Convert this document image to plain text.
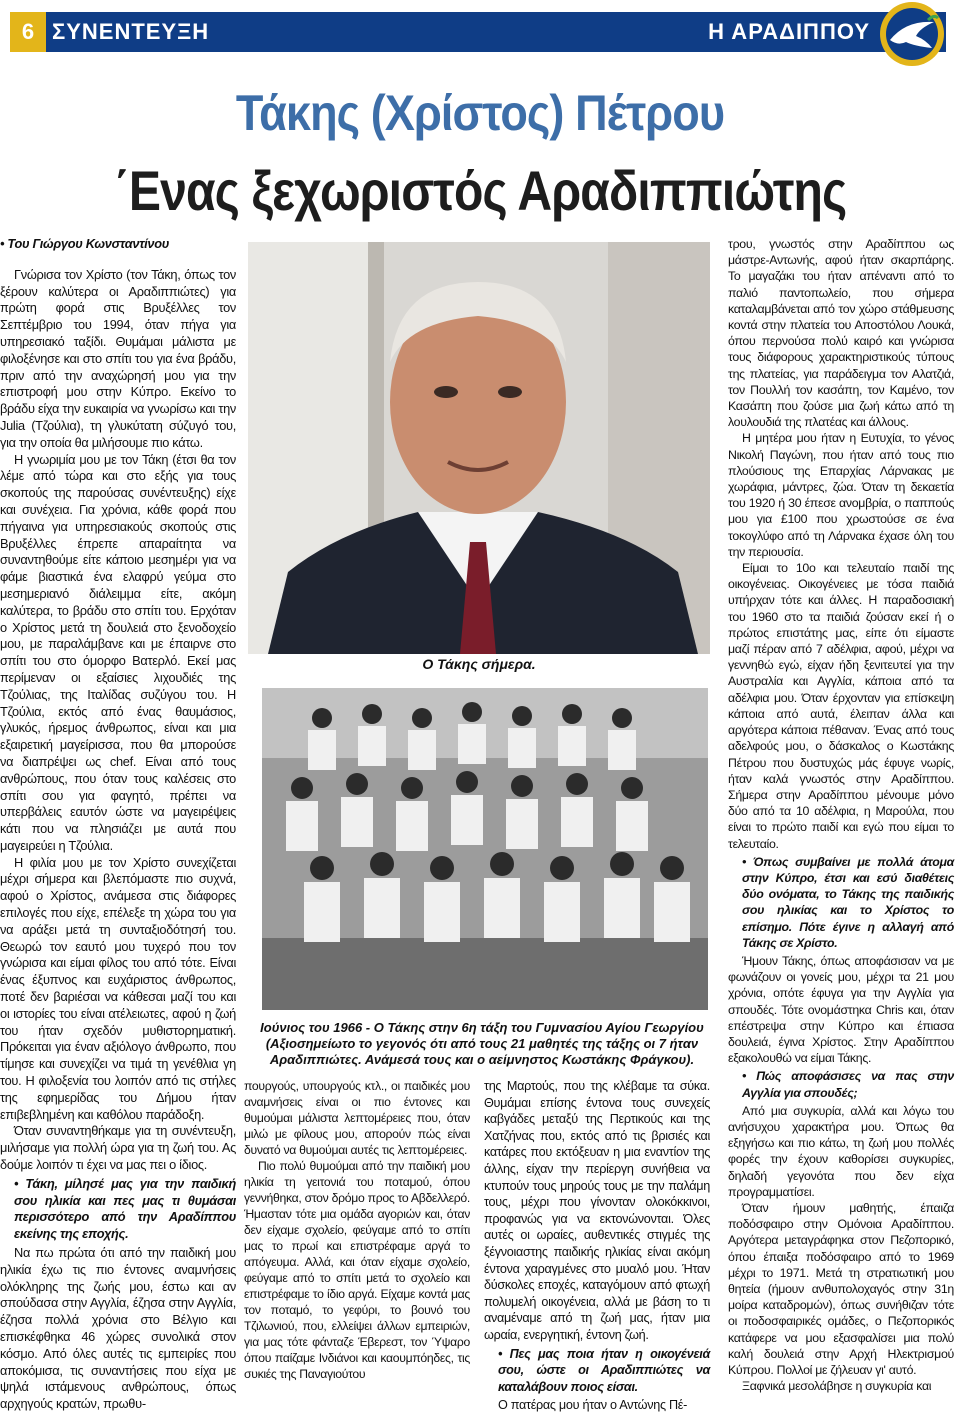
6 ΣΥΝΕΝΤΕΥΞΗ	Η ΑΡΑΔΙΠΠΟΥ
Τάκης (Χρίστος) Πέτρου
΄Ενας ξεχωριστός Αραδιππιώτης

• Του Γιώργου Κωνσταντίνου

Γνώρισα τον Χρίστο (τον Τάκη, όπως τον ξέρουν καλύτερα οι Αραδιππιώτες) για πρώτη φορά στις Βρυξέλλες τον Σεπτέμβριο του 1994, όταν πήγα για υπηρεσιακό ταξίδι. Θυμάμαι μάλιστα με φιλοξένησε και στο σπίτι του για ένα βράδυ, πριν από την αναχώρησή μου για την επιστροφή μου στην Κύπρο. Εκείνο το βράδυ είχα την ευκαιρία να γνωρίσω και την Julia (Τζούλια), τη γλυκύτατη σύζυγό του, για την οποία θα μιλήσουμε πιο κάτω.

Η γνωριμία μου με τον Τάκη (έτσι θα τον λέμε από τώρα και στο εξής για τους σκοπούς της παρούσας συνέντευξης) είχε και συνέχεια. Για χρόνια, κάθε φορά που πήγαινα για υπηρεσιακούς σκοπούς στις Βρυξέλλες έπρεπε απαραίτητα να συναντηθούμε είτε κάποιο μεσημέρι για να φάμε βιαστικά ένα ελαφρύ γεύμα στο μεσημεριανό διάλειμμα είτε, ακόμη καλύτερα, το βράδυ στο σπίτι του. Ερχόταν ο Χρίστος μετά τη δουλειά στο ξενοδοχείο μου, με παραλάμβανε και με έπαιρνε στο σπίτι του στο όμορφο Βατερλό. Εκεί μας περίμεναν οι εξαίσιες λιχουδιές της Τζούλιας, της Ιταλίδας συζύγου του. Η Τζούλια, εκτός από ένας θαυμάσιος, γλυκός, ήρεμος άνθρωπος, είναι και μια εξαιρετική μαγείρισσα, που θα μπορούσε να διαπρέψει ως chef. Είναι από τους ανθρώπους, που όταν τους καλέσεις στο σπίτι σου για φαγητό, πρέπει να υπερβάλεις εαυτόν ώστε να μαγειρέψεις κάτι που να πλησιάζει με αυτά που μαγειρεύει η Τζούλια.

Η φιλία μου με τον Χρίστο συνεχίζεται μέχρι σήμερα και βλεπόμαστε πιο συχνά, αφού ο Χρίστος, ανάμεσα στις διάφορες επιλογές που είχε, επέλεξε τη χώρα του για να αράξει μετά τη συνταξιοδότησή του. Θεωρώ τον εαυτό μου τυχερό που τον γνώρισα και είμαι φίλος του από τότε. Είναι ένας έξυπνος και ευχάριστος άνθρωπος, ποτέ δεν βαριέσαι να κάθεσαι μαζί του και οι ιστορίες του είναι ατέλειωτες, αφού η ζωή του ήταν σχεδόν μυθιστορηματική. Πρόκειται για έναν αξιόλογο άνθρωπο, που τίμησε και συνεχίζει να τιμά τη γενέθλια γη του. Η φιλοξενία του λοιπόν από τις στήλες της εφημερίδας του Δήμου ήταν επιβεβλημένη και καθόλου παράδοξη.

Όταν συναντηθήκαμε για τη συνέντευξη, μιλήσαμε για πολλή ώρα για τη ζωή του. Ας δούμε λοιπόν τι έχει να μας πει ο ίδιος.

• Τάκη, μίλησέ μας για την παιδική σου ηλικία και πες μας τι θυμάσαι περισσότερο από την Αραδίππου εκείνης της εποχής.

Να πω πρώτα ότι από την παιδική μου ηλικία έχω τις πιο έντονες αναμνήσεις ολόκληρης της ζωής μου, έστω και αν σπούδασα στην Αγγλία, έζησα στην Αγγλία, έζησα πολλά χρόνια στο Βέλγιο και επισκέφθηκα 46 χώρες συνολικά στον κόσμο. Από όλες αυτές τις εμπειρίες που αποκόμισα, τις συναντήσεις που είχα με ψηλά ιστάμενους ανθρώπους, όπως αρχηγούς κρατών, πρωθυ-

Ο Τάκης σήμερα.
Ιούνιος του 1966 - Ο Τάκης στην 6η τάξη του Γυμνασίου Αγίου Γεωργίου (Αξιοσημείωτο το γεγονός ότι από τους 21 μαθητές της τάξης οι 7 ήταν Αραδιππιώτες. Ανάμεσά τους και ο αείμνηστος Κωστάκης Φράγκου).

πουργούς, υπουργούς κτλ., οι παιδικές μου αναμνήσεις είναι οι πιο έντονες και θυμούμαι μάλιστα λεπτομέρειες που, όταν μιλώ με φίλους μου, απορούν πώς είναι δυνατό να θυμούμαι αυτές τις λεπτομέρειες.

Πιο πολύ θυμούμαι από την παιδική μου ηλικία τη γειτονιά του ποταμού, όπου γεννήθηκα, στον δρόμο προς το Αβδελλερό. Ήμασταν τότε μια ομάδα αγοριών και, όταν δεν είχαμε σχολείο, φεύγαμε από το σπίτι μας το πρωί και επιστρέφαμε αργά το απόγευμα. Αλλά, και όταν είχαμε σχολείο, φεύγαμε από το σπίτι μετά το σχολείο και επιστρέφαμε το ίδιο αργά. Είχαμε κοντά μας τον ποταμό, το γεφύρι, το βουνό του Τζιλωνιού, που, ελλείψει άλλων εμπειριών, για μας τότε φάνταζε Έβερεστ, τον Ύψαρο όπου παίζαμε Ινδιάνοι και καουμπόηδες, τις συκιές της Παναγιούτου

της Μαρτούς, που της κλέβαμε τα σύκα. Θυμάμαι επίσης έντονα τους συνεχείς καβγάδες μεταξύ της Περτικούς και της Χατζήνας που, εκτός από τις βρισιές και κατάρες που εκτόξευαν η μια εναντίον της άλλης, είχαν την περίεργη συνήθεια να κτυπούν τους μηρούς τους με την παλάμη τους, μέχρι που γίνονταν ολοκόκκινοι, προφανώς για να εκτονώνονται. Όλες αυτές οι ωραίες, αυθεντικές στιγμές της ξέγνοιαστης παιδικής ηλικίας είναι ακόμη έντονα χαραγμένες στο μυαλό μου. Ήταν δύσκολες εποχές, καταγόμουν από φτωχή πολυμελή οικογένεια, αλλά με βάση το τι αναμέναμε από τη ζωή μας, ήταν μια ωραία, ενεργητική, έντονη ζωή.

• Πες μας ποια ήταν η οικογένειά σου, ώστε οι Αραδιππιώτες να καταλάβουν ποιος είσαι.

Ο πατέρας μου ήταν ο Αντώνης Πέ-

τρου, γνωστός στην Αραδίππου ως μάστρε-Αντωνής, αφού ήταν σκαρπάρης. Το μαγαζάκι του ήταν απέναντι από το παλιό παντοπωλείο, που σήμερα καταλαμβάνεται από τον χώρο στάθμευσης κοντά στην πλατεία του Αποστόλου Λουκά, όπου περνούσα πολύ καιρό και γνώρισα τους διάφορους χαρακτηριστικούς τύπους της πλατείας, για παράδειγμα τον Αλατζιά, τον Πουλλή τον κασάπη, τον Καμένο, τον Κασάπη που ζούσε μια ζωή κάτω από τη λουλουδιά της πλατέας και άλλους.

Η μητέρα μου ήταν η Ευτυχία, το γένος Νικολή Παγώνη, που ήταν από τους πιο πλούσιους της Επαρχίας Λάρνακας με χωράφια, μάντρες, ζώα. Όταν τη δεκαετία του 1920 ή 30 έπεσε ανομβρία, ο παππούς μου για £100 που χρωστούσε σε ένα τοκογλύφο από τη Λάρνακα έχασε όλη του την περιουσία.

Είμαι το 10ο και τελευταίο παιδί της οικογένειας. Οικογένειες με τόσα παιδιά υπήρχαν τότε και άλλες. Η παραδοσιακή του 1960 στο τα παιδιά ζούσαν εκεί ή ο πρώτος επιστάτης μας, είπε ότι είμαστε μαζί πέραν από 7 αδέλφια, αφού, μέχρι να γεννηθώ εγώ, είχαν ήδη ξενιτευτεί για την Αυστραλία και Αγγλία, κάποια από τα αδέλφια μου. Όταν έρχονταν για επίσκεψη κάποια από αυτά, έλειπαν άλλα και αργότερα κάποια πέθαναν. Ένας από τους αδελφούς μου, ο δάσκαλος ο Κωστάκης Πέτρου που δυστυχώς μάς έφυγε νωρίς, ήταν καλά γνωστός στην Αραδίππου. Σήμερα στην Αραδίππου μένουμε μόνο δύο από τα 10 αδέλφια, η Μαρούλα, που είναι το πρώτο παιδί και εγώ που είμαι το τελευταίο.

• Όπως συμβαίνει με πολλά άτομα στην Κύπρο, έτσι και εσύ διαθέτεις δύο ονόματα, το Τάκης της παιδικής σου ηλικίας και το Χρίστος το επίσημο. Πότε έγινε η αλλαγή από Τάκης σε Χρίστο.

Ήμουν Τάκης, όπως αποφάσισαν να με φωνάζουν οι γονείς μου, μέχρι τα 21 μου χρόνια, οπότε έφυγα για την Αγγλία για σπουδές. Τότε ονομάστηκα Chris και, όταν επέστρεψα στην Κύπρο και έπιασα δουλειά, έγινα Χρίστος. Στην Αραδίππου εξακολουθώ να είμαι Τάκης.

• Πώς αποφάσισες να πας στην Αγγλία για σπουδές;

Από μια συγκυρία, αλλά και λόγω του ανήσυχου χαρακτήρα μου. Όπως θα εξηγήσω και πιο κάτω, τη ζωή μου πολλές φορές την έχουν καθορίσει συγκυρίες, δηλαδή γεγονότα που δεν είχα προγραμματίσει.

Όταν ήμουν μαθητής, έπαιζα ποδόσφαιρο στην Ομόνοια Αραδίππου. Αργότερα μεταγράφηκα στον Πεζοπορικό, όπου έπαιξα ποδόσφαιρο από το 1969 μέχρι το 1971. Μετά τη στρατιωτική μου θητεία (ήμουν ανθυπολοχαγός στην 31η μοίρα καταδρομών), όπως συνήθιζαν τότε οι ποδοσφαιρικές ομάδες, ο Πεζοπορικός κατάφερε να μου εξασφαλίσει μια πολύ καλή δουλειά στην Αρχή Ηλεκτρισμού Κύπρου. Πολλοί με ζήλευαν γι' αυτό.

Ξαφνικά μεσολάβησε η συγκυρία και
